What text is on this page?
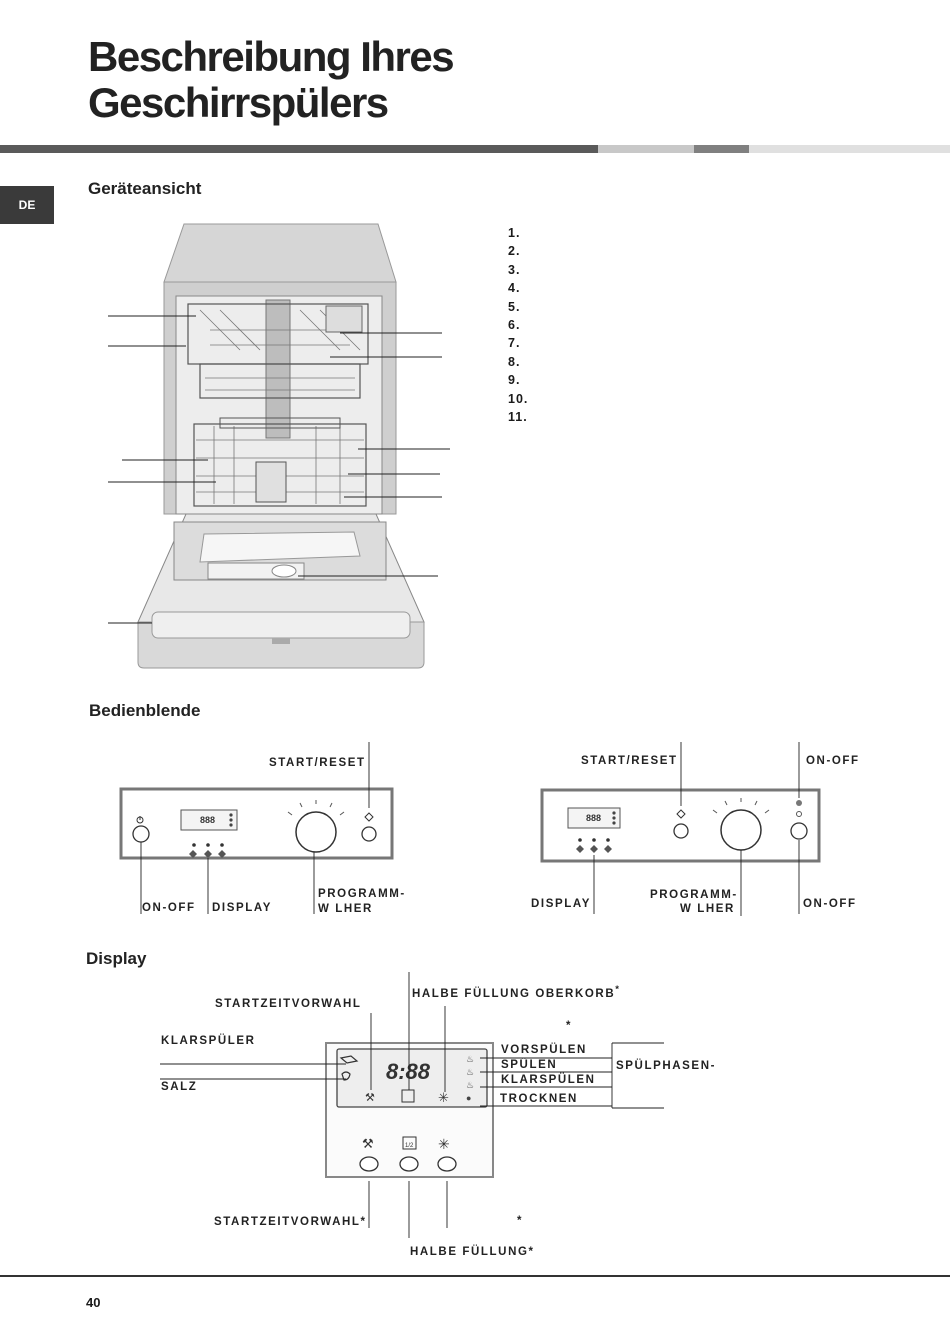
Beschreibung Ihres
Geschirrspülers
DE
Geräteansicht
1.
2.
3.
4.
5.
6.
7.
8.
9.
10.
11.
Bedienblende
888
START/RESET
ON-OFF DISPLAY
PROGRAMM-
W LHER
888
START/RESET	ON-OFF
DISPLAY
PROGRAMM-
W LHER	ON-OFF
Display
8:88
⚒	✳
♨
♨
♨
●
⚒	1/2 ✳
STARTZEITVORWAHL
HALBE FÜLLUNG OBERKORB*
*
KLARSPÜLER
SALZ
VORSPÜLEN
SPÜLEN
KLARSPÜLEN
TROCKNEN
SPÜLPHASEN-
STARTZEITVORWAHL*	*
HALBE FÜLLUNG*
40
